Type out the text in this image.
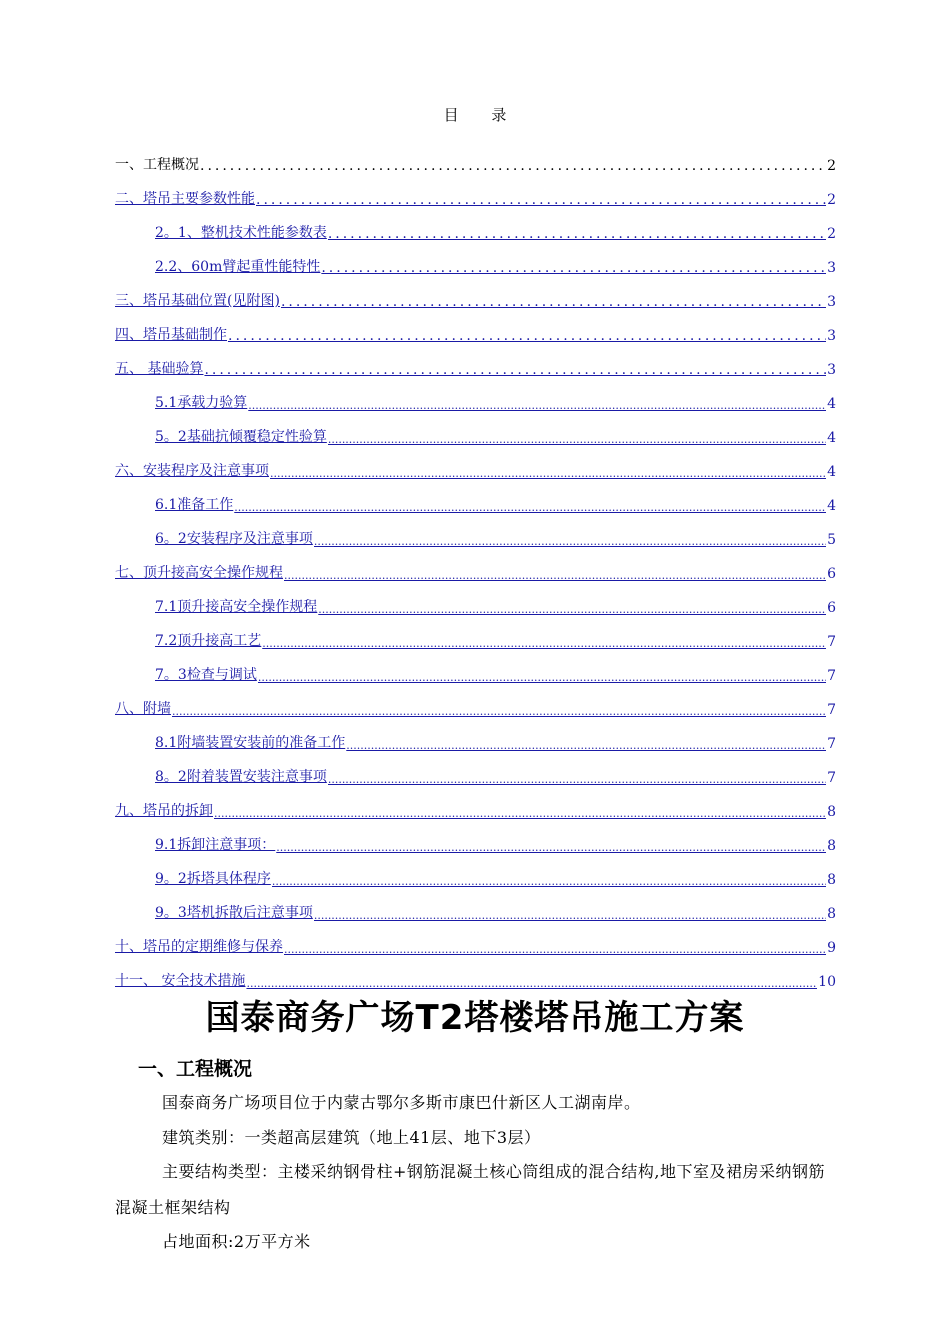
目 录
一、工程概况 .....	2
二、塔吊主要参数性能 .....	2
2。1、整机技术性能参数表 .....	2
2.2、60m臂起重性能特性 .....	3
三、塔吊基础位置(见附图) .....	3
四、塔吊基础制作 .....	3
五、 基础验算 .....	3
5.1承载力验算 .....	4
5。2基础抗倾覆稳定性验算 .....	4
六、安装程序及注意事项 .....	4
6.1准备工作 .....	4
6。2安装程序及注意事项 .....	5
七、顶升接高安全操作规程 .....	6
7.1顶升接高安全操作规程 .....	6
7.2顶升接高工艺 .....	7
7。3检查与调试 .....	7
八、附墙 .....	7
8.1附墙装置安装前的准备工作 .....	7
8。2附着装置安装注意事项 .....	7
九、塔吊的拆卸 .....	8
9.1拆卸注意事项： .....	8
9。2拆塔具体程序 .....	8
9。3塔机拆散后注意事项 .....	8
十、塔吊的定期维修与保养 .....	9
十一、 安全技术措施 .....	10
国泰商务广场T2塔楼塔吊施工方案
一、工程概况
国泰商务广场项目位于内蒙古鄂尔多斯市康巴什新区人工湖南岸。
建筑类别：一类超高层建筑（地上41层、地下3层）
主要结构类型：主楼采纳钢骨柱+钢筋混凝土核心筒组成的混合结构,地下室及裙房采纳钢筋混凝土框架结构
占地面积:2万平方米
